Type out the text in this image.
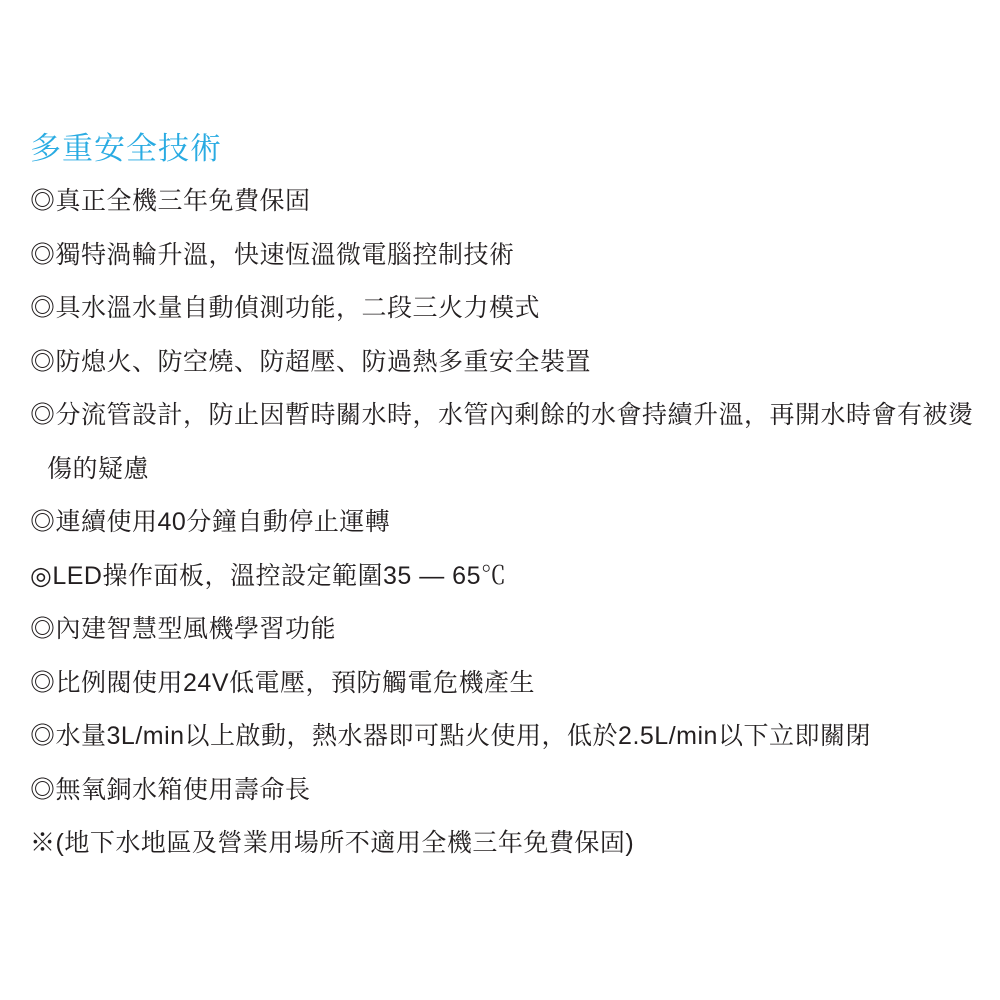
多重安全技術

◎真正全機三年免費保固

◎獨特渦輪升溫，快速恆溫微電腦控制技術

◎具水溫水量自動偵測功能，二段三火力模式

◎防熄火、防空燒、防超壓、防過熱多重安全裝置

◎分流管設計，防止因暫時關水時，水管內剩餘的水會持續升溫，再開水時會有被燙傷的疑慮

◎連續使用40分鐘自動停止運轉

◎LED操作面板，溫控設定範圍35 — 65℃

◎內建智慧型風機學習功能

◎比例閥使用24V低電壓，預防觸電危機產生

◎水量3L/min以上啟動，熱水器即可點火使用，低於2.5L/min以下立即關閉

◎無氧銅水箱使用壽命長

※(地下水地區及營業用場所不適用全機三年免費保固)
